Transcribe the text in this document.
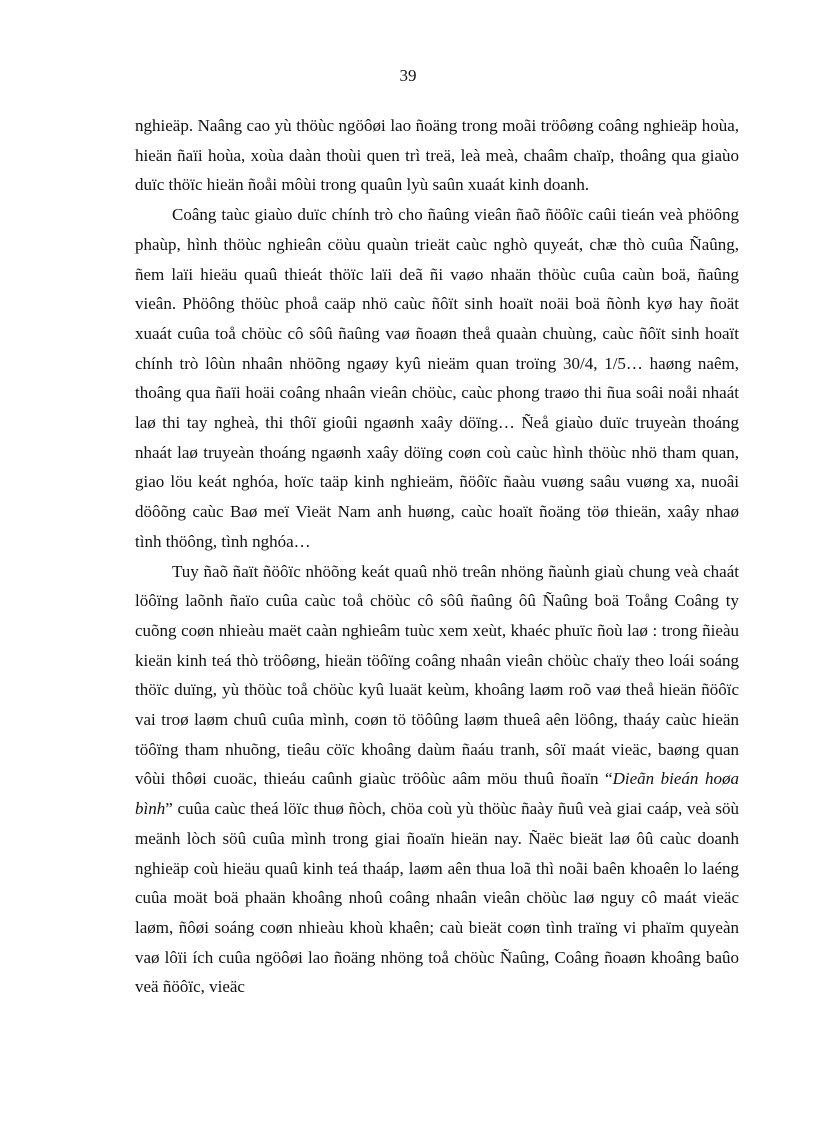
39

nghieäp. Naâng cao yù thöùc ngöôøi lao ñoäng trong moãi tröôøng coâng nghieäp hoùa, hieän ñaïi hoùa, xoùa daàn thoùi quen trì treä, leà meà, chaâm chaïp, thoâng qua giaùo duïc thöïc hieän ñoåi môùi trong quaûn lyù saûn xuaát kinh doanh.

Coâng taùc giaùo duïc chính trò cho ñaûng vieân ñaõ ñöôïc caûi tieán veà phöông phaùp, hình thöùc nghieân cöùu quaùn trieät caùc nghò quyeát, chæ thò cuûa Ñaûng, ñem laïi hieäu quaû thieát thöïc laïi deã ñi vaøo nhaän thöùc cuûa caùn boä, ñaûng vieân. Phöông thöùc phoå caäp nhö caùc ñôït sinh hoaït noäi boä ñònh kyø hay ñoät xuaát cuûa toå chöùc cô sôû ñaûng vaø ñoaøn theå quaàn chuùng, caùc ñôït sinh hoaït chính trò lôùn nhaân nhöõng ngaøy kyû nieäm quan troïng 30/4, 1/5… haøng naêm, thoâng qua ñaïi hoäi coâng nhaân vieân chöùc, caùc phong traøo thi ñua soâi noåi nhaát laø thi tay ngheà, thi thôï gioûi ngaønh xaây döïng… Ñeå giaùo duïc truyeàn thoáng nhaát laø truyeàn thoáng ngaønh xaây döïng coøn coù caùc hình thöùc nhö tham quan, giao löu keát nghóa, hoïc taäp kinh nghieäm, ñöôïc ñaàu vuøng saâu vuøng xa, nuoâi döôõng caùc Baø meï Vieät Nam anh huøng, caùc hoaït ñoäng töø thieän, xaây nhaø tình thöông, tình nghóa…

Tuy ñaõ ñaït ñöôïc nhöõng keát quaû nhö treân nhöng ñaùnh giaù chung veà chaát löôïng laõnh ñaïo cuûa caùc toå chöùc cô sôû ñaûng ôû Ñaûng boä Toång Coâng ty cuõng coøn nhieàu maët caàn nghieâm tuùc xem xeùt, khaéc phuïc ñoù laø : trong ñieàu kieän kinh teá thò tröôøng, hieän töôïng coâng nhaân vieân chöùc chaïy theo loái soáng thöïc duïng, yù thöùc toå chöùc kyû luaät keùm, khoâng laøm roõ vaø theå hieän ñöôïc vai troø laøm chuû cuûa mình, coøn tö töôûng laøm thueâ aên löông, thaáy caùc hieän töôïng tham nhuõng, tieâu cöïc khoâng daùm ñaáu tranh, sôï maát vieäc, baøng quan vôùi thôøi cuoäc, thieáu caûnh giaùc tröôùc aâm möu thuû ñoaïn “Dieãn bieán hoøa bình” cuûa caùc theá löïc thuø ñòch, chöa coù yù thöùc ñaày ñuû veà giai caáp, veà söù meänh lòch söû cuûa mình trong giai ñoaïn hieän nay. Ñaëc bieät laø ôû caùc doanh nghieäp coù hieäu quaû kinh teá thaáp, laøm aên thua loã thì noãi baên khoaên lo laéng cuûa moät boä phaän khoâng nhoû coâng nhaân vieân chöùc laø nguy cô maát vieäc laøm, ñôøi soáng coøn nhieàu khoù khaên; caù bieät coøn tình traïng vi phaïm quyeàn vaø lôïi ích cuûa ngöôøi lao ñoäng nhöng toå chöùc Ñaûng, Coâng ñoaøn khoâng baûo veä ñöôïc, vieäc
